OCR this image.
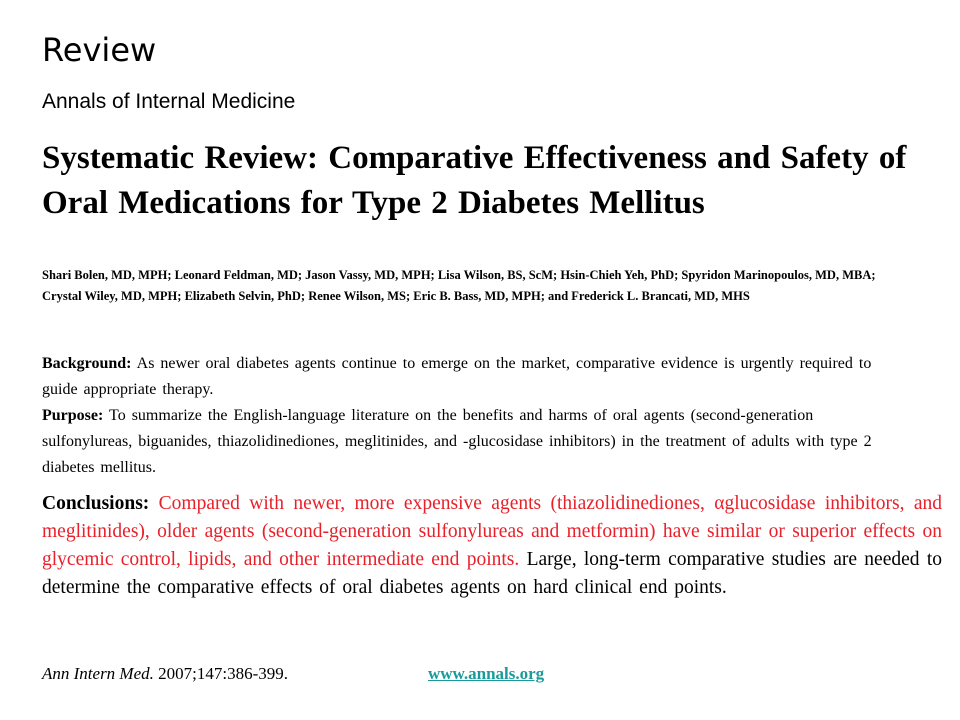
Review
Annals of Internal Medicine
Systematic Review: Comparative Effectiveness and Safety of Oral Medications for Type 2 Diabetes Mellitus
Shari Bolen, MD, MPH; Leonard Feldman, MD; Jason Vassy, MD, MPH; Lisa Wilson, BS, ScM; Hsin-Chieh Yeh, PhD; Spyridon Marinopoulos, MD, MBA; Crystal Wiley, MD, MPH; Elizabeth Selvin, PhD; Renee Wilson, MS; Eric B. Bass, MD, MPH; and Frederick L. Brancati, MD, MHS
Background: As newer oral diabetes agents continue to emerge on the market, comparative evidence is urgently required to guide appropriate therapy.
Purpose: To summarize the English-language literature on the benefits and harms of oral agents (second-generation sulfonylureas, biguanides, thiazolidinediones, meglitinides, and -glucosidase inhibitors) in the treatment of adults with type 2 diabetes mellitus.
Conclusions: Compared with newer, more expensive agents (thiazolidinediones, αglucosidase inhibitors, and meglitinides), older agents (second-generation sulfonylureas and metformin) have similar or superior effects on glycemic control, lipids, and other intermediate end points. Large, long-term comparative studies are needed to determine the comparative effects of oral diabetes agents on hard clinical end points.
Ann Intern Med. 2007;147:386-399.	www.annals.org
